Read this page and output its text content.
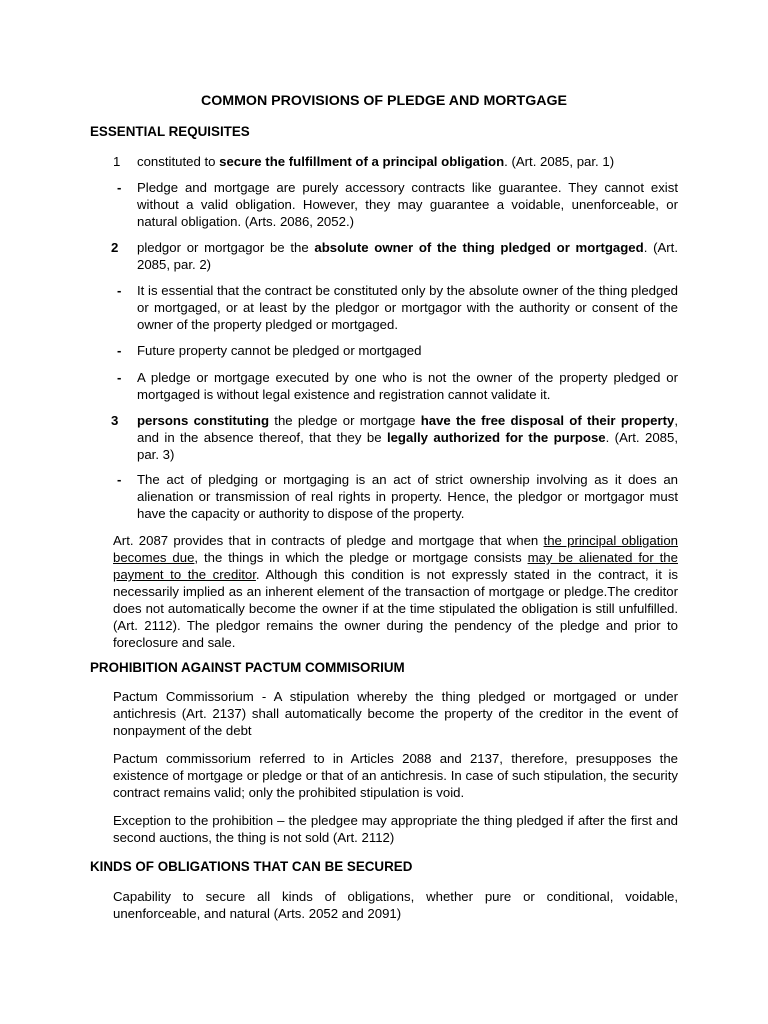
COMMON PROVISIONS OF PLEDGE AND MORTGAGE
ESSENTIAL REQUISITES
1 constituted to secure the fulfillment of a principal obligation. (Art. 2085, par. 1)
- Pledge and mortgage are purely accessory contracts like guarantee. They cannot exist without a valid obligation. However, they may guarantee a voidable, unenforceable, or natural obligation. (Arts. 2086, 2052.)
2 pledgor or mortgagor be the absolute owner of the thing pledged or mortgaged. (Art. 2085, par. 2)
- It is essential that the contract be constituted only by the absolute owner of the thing pledged or mortgaged, or at least by the pledgor or mortgagor with the authority or consent of the owner of the property pledged or mortgaged.
- Future property cannot be pledged or mortgaged
- A pledge or mortgage executed by one who is not the owner of the property pledged or mortgaged is without legal existence and registration cannot validate it.
3 persons constituting the pledge or mortgage have the free disposal of their property, and in the absence thereof, that they be legally authorized for the purpose. (Art. 2085, par. 3)
- The act of pledging or mortgaging is an act of strict ownership involving as it does an alienation or transmission of real rights in property. Hence, the pledgor or mortgagor must have the capacity or authority to dispose of the property.
Art. 2087 provides that in contracts of pledge and mortgage that when the principal obligation becomes due, the things in which the pledge or mortgage consists may be alienated for the payment to the creditor. Although this condition is not expressly stated in the contract, it is necessarily implied as an inherent element of the transaction of mortgage or pledge.The creditor does not automatically become the owner if at the time stipulated the obligation is still unfulfilled. (Art. 2112). The pledgor remains the owner during the pendency of the pledge and prior to foreclosure and sale.
PROHIBITION AGAINST PACTUM COMMISORIUM
Pactum Commissorium - A stipulation whereby the thing pledged or mortgaged or under antichresis (Art. 2137) shall automatically become the property of the creditor in the event of nonpayment of the debt
Pactum commissorium referred to in Articles 2088 and 2137, therefore, presupposes the existence of mortgage or pledge or that of an antichresis. In case of such stipulation, the security contract remains valid; only the prohibited stipulation is void.
Exception to the prohibition – the pledgee may appropriate the thing pledged if after the first and second auctions, the thing is not sold (Art. 2112)
KINDS OF OBLIGATIONS THAT CAN BE SECURED
Capability to secure all kinds of obligations, whether pure or conditional, voidable, unenforceable, and natural (Arts. 2052 and 2091)
